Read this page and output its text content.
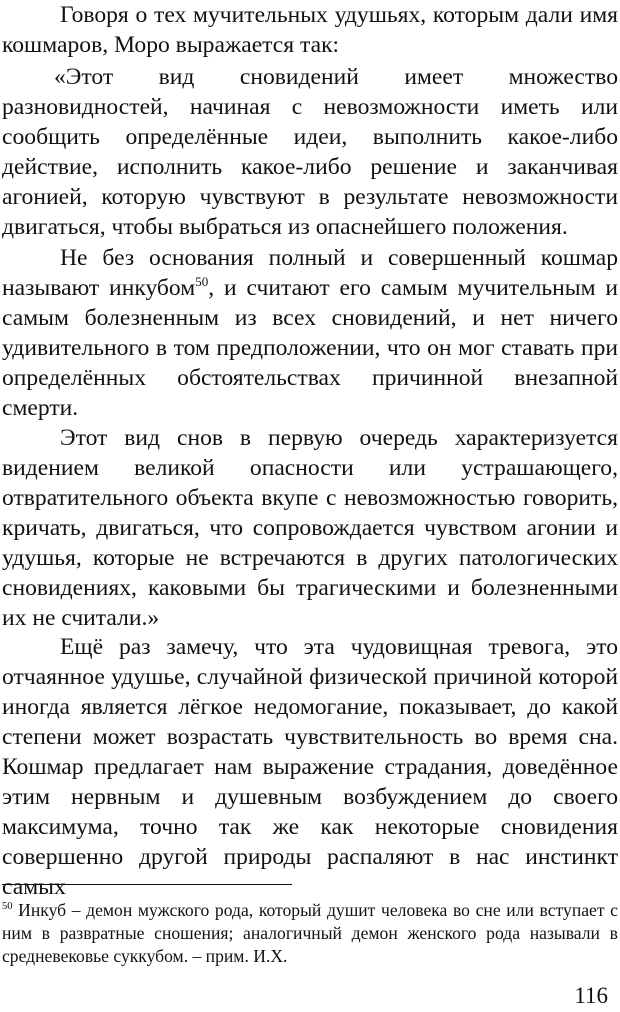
Говоря о тех мучительных удушьях, которым дали имя кошмаров, Моро выражается так:

«Этот вид сновидений имеет множество разновидностей, начиная с невозможности иметь или сообщить определённые идеи, выполнить какое-либо действие, исполнить какое-либо решение и заканчивая агонией, которую чувствуют в результате невозможности двигаться, чтобы выбраться из опаснейшего положения.

Не без основания полный и совершенный кошмар называют инкубом$^{50}$, и считают его самым мучительным и самым болезненным из всех сновидений, и нет ничего удивительного в том предположении, что он мог ставать при определённых обстоятельствах причинной внезапной смерти.

Этот вид снов в первую очередь характеризуется видением великой опасности или устрашающего, отвратительного объекта вкупе с невозможностью говорить, кричать, двигаться, что сопровождается чувством агонии и удушья, которые не встречаются в других патологических сновидениях, каковыми бы трагическими и болезненными их не считали.»

Ещё раз замечу, что эта чудовищная тревога, это отчаянное удушье, случайной физической причиной которой иногда является лёгкое недомогание, показывает, до какой степени может возрастать чувствительность во время сна. Кошмар предлагает нам выражение страдания, доведённое этим нервным и душевным возбуждением до своего максимума, точно так же как некоторые сновидения совершенно другой природы распаляют в нас инстинкт самых

$^{50}$ Инкуб – демон мужского рода, который душит человека во сне или вступает с ним в развратные сношения; аналогичный демон женского рода называли в средневековье суккубом. – прим. И.Х.

116
